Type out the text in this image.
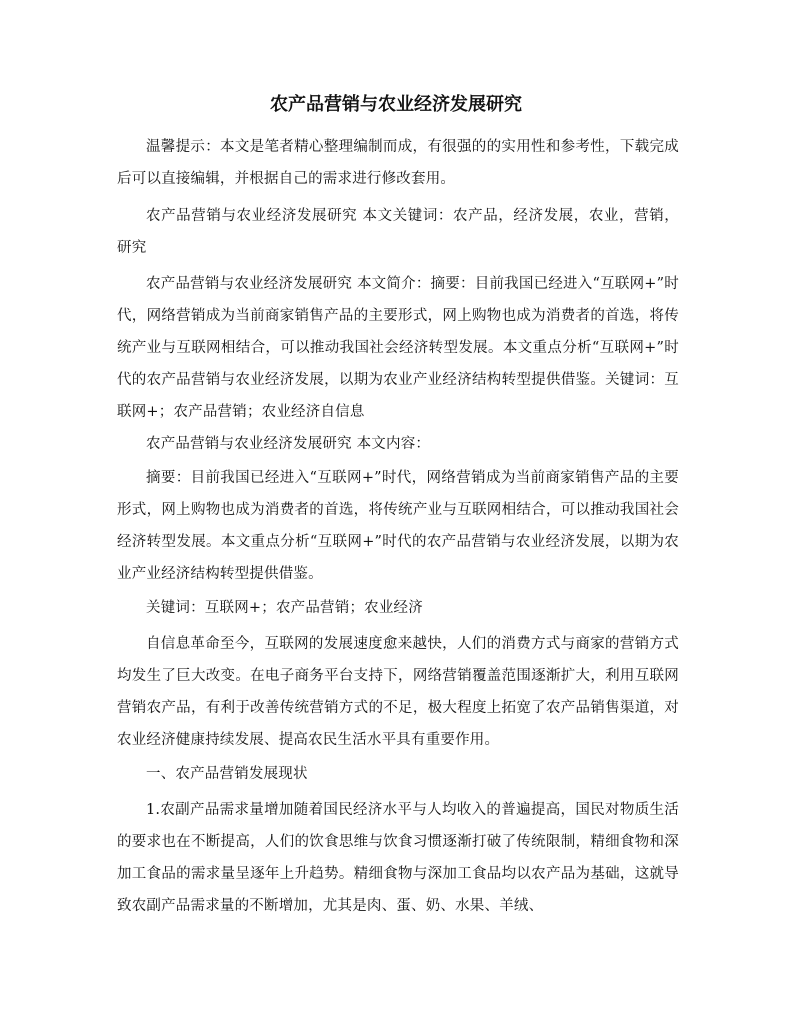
农产品营销与农业经济发展研究

温馨提示：本文是笔者精心整理编制而成，有很强的的实用性和参考性，下载完成后可以直接编辑，并根据自己的需求进行修改套用。

农产品营销与农业经济发展研究 本文关键词：农产品，经济发展，农业，营销，研究

农产品营销与农业经济发展研究 本文简介：摘要：目前我国已经进入“互联网+”时代，网络营销成为当前商家销售产品的主要形式，网上购物也成为消费者的首选，将传统产业与互联网相结合，可以推动我国社会经济转型发展。本文重点分析“互联网+”时代的农产品营销与农业经济发展，以期为农业产业经济结构转型提供借鉴。关键词：互联网+；农产品营销；农业经济自信息

农产品营销与农业经济发展研究 本文内容：

摘要：目前我国已经进入“互联网+”时代，网络营销成为当前商家销售产品的主要形式，网上购物也成为消费者的首选，将传统产业与互联网相结合，可以推动我国社会经济转型发展。本文重点分析“互联网+”时代的农产品营销与农业经济发展，以期为农业产业经济结构转型提供借鉴。

关键词：互联网+；农产品营销；农业经济

自信息革命至今，互联网的发展速度愈来越快，人们的消费方式与商家的营销方式均发生了巨大改变。在电子商务平台支持下，网络营销覆盖范围逐渐扩大，利用互联网营销农产品，有利于改善传统营销方式的不足，极大程度上拓宽了农产品销售渠道，对农业经济健康持续发展、提高农民生活水平具有重要作用。

一、农产品营销发展现状

1.农副产品需求量增加随着国民经济水平与人均收入的普遍提高，国民对物质生活的要求也在不断提高，人们的饮食思维与饮食习惯逐渐打破了传统限制，精细食物和深加工食品的需求量呈逐年上升趋势。精细食物与深加工食品均以农产品为基础，这就导致农副产品需求量的不断增加，尤其是肉、蛋、奶、水果、羊绒、
